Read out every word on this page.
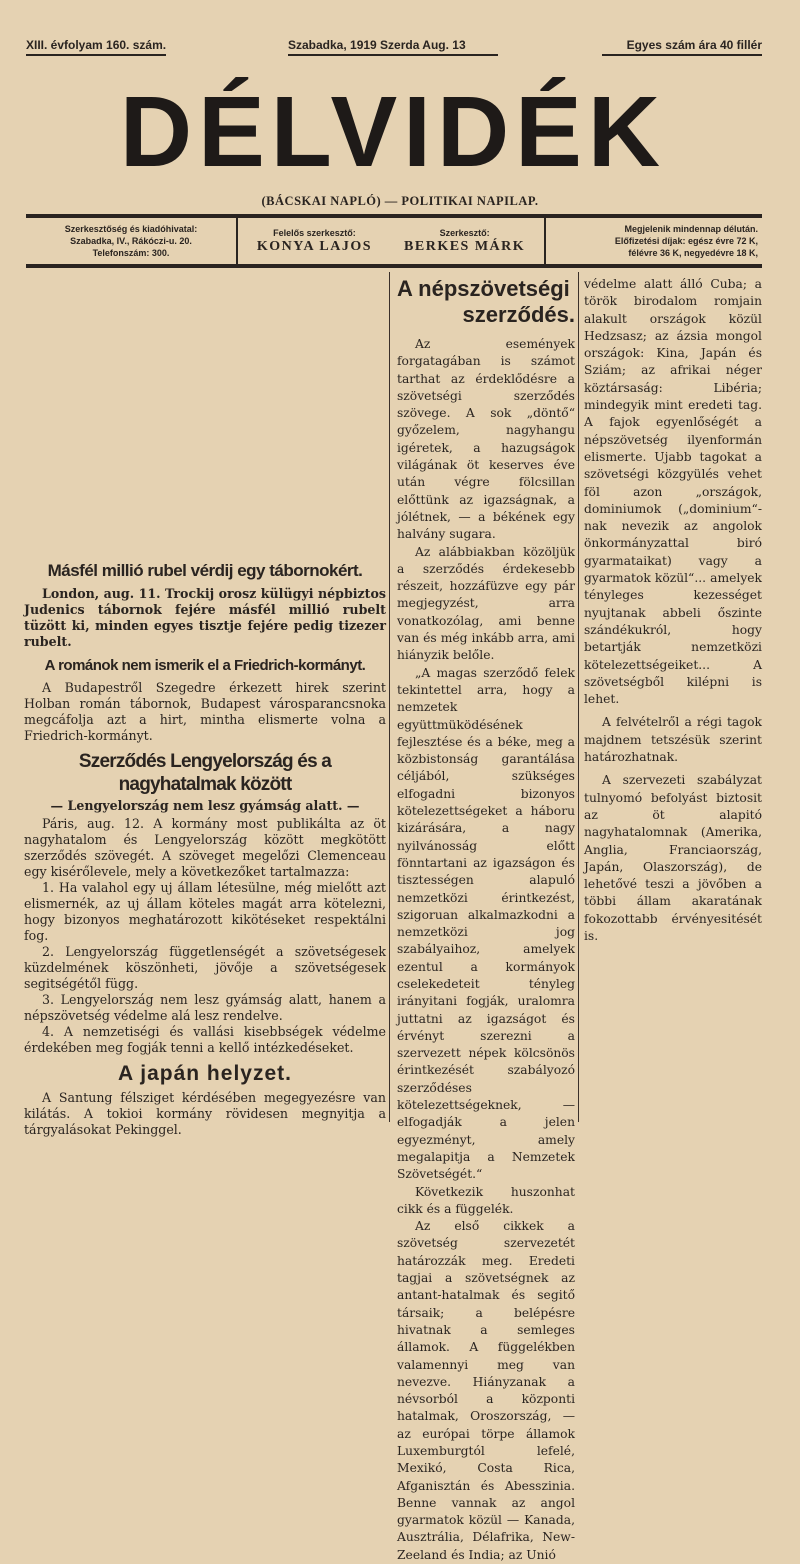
XIII. évfolyam 160. szám.	Szabadka, 1919 Szerda Aug. 13	Egyes szám ára 40 fillér
DÉLVIDÉK
(BÁCSKAI NAPLÓ) — POLITIKAI NAPILAP.
Szerkesztőség és kiadóhivatal:
Szabadka, IV., Rákóczi-u. 20.
Telefonszám: 300.
Felelős szerkesztő:
KONYA LAJOS
Szerkesztő:
BERKES MÁRK
Megjelenik mindennap délután.
Előfizetési díjak: egész évre 72 K,
félévre 36 K, negyedévre 18 K,
Másfél millió rubel vérdij egy tábornokért.

London, aug. 11. Trockij orosz külügyi népbiztos Judenics tábornok fejére másfél millió rubelt tüzött ki, minden egyes tisztje fejére pedig tizezer rubelt.

A románok nem ismerik el a Friedrich-kormányt.

A Budapestről Szegedre érkezett hirek szerint Holban román tábornok, Budapest városparancsnoka megcáfolja azt a hirt, mintha elismerte volna a Friedrich-kormányt.

Szerződés Lengyelország és a nagyhatalmak között
— Lengyelország nem lesz gyámság alatt. —

Páris, aug. 12. A kormány most publikálta az öt nagyhatalom és Lengyelország között megkötött szerződés szövegét. A szöveget megelőzi Clemenceau egy kisérőlevele, mely a következőket tartalmazza:

1. Ha valahol egy uj állam létesülne, még mielőtt azt elismernék, az uj állam köteles magát arra kötelezni, hogy bizonyos meghatározott kikötéseket respektálni fog.

2. Lengyelország függetlenségét a szövetségesek küzdelmének köszönheti, jövője a szövetségesek segitségétől függ.

3. Lengyelország nem lesz gyámság alatt, hanem a népszövetség védelme alá lesz rendelve.

4. A nemzetiségi és vallási kisebbségek védelme érdekében meg fogják tenni a kellő intézkedéseket.

A japán helyzet.

A Santung félsziget kérdésében megegyezésre van kilátás. A tokioi kormány rövidesen megnyitja a tárgyalásokat Pekinggel.

A népszövetségi
szerződés.

Az események forgatagában is számot tarthat az érdeklődésre a szövetségi szerződés szövege. A sok „döntő“ győzelem, nagyhangu igéretek, a hazugságok világának öt keserves éve után végre fölcsillan előttünk az igazságnak, a jólétnek, — a békének egy halvány sugara.

Az alábbiakban közöljük a szerződés érdekesebb részeit, hozzáfüzve egy pár megjegyzést, arra vonatkozólag, ami benne van és még inkább arra, ami hiányzik belőle.

„A magas szerződő felek tekintettel arra, hogy a nemzetek együttmüködésének fejlesztése és a béke, meg a közbistonság garantálása céljából, szükséges elfogadni bizonyos kötelezettségeket a háboru kizárására, a nagy nyilvánosság előtt fönntartani az igazságon és tisztességen alapuló nemzetközi érintkezést, szigoruan alkalmazkodni a nemzetközi jog szabályaihoz, amelyek ezentul a kormányok cselekedeteit tényleg irányitani fogják, uralomra juttatni az igazságot és érvényt szerezni a szervezett népek kölcsönös érintkezését szabályozó szerződéses kötelezettségeknek, — elfogadják a jelen egyezményt, amely megalapitja a Nemzetek Szövetségét.“

Következik huszonhat cikk és a függelék.

Az első cikkek a szövetség szervezetét határozzák meg. Eredeti tagjai a szövetségnek az antant-hatalmak és segitő társaik; a belépésre hivatnak a semleges államok. A függelékben valamennyi meg van nevezve. Hiányzanak a névsorból a központi hatalmak, Oroszország, — az európai törpe államok Luxemburgtól lefelé, Mexikó, Costa Rica, Afganisztán és Abesszinia. Benne vannak az angol gyarmatok közül — Kanada, Ausztrália, Délafrika, New-Zeeland és India; az Unió

védelme alatt álló Cuba; a török birodalom romjain alakult országok közül Hedzsasz; az ázsia mongol országok: Kina, Japán és Sziám; az afrikai néger köztársaság: Libéria; mindegyik mint eredeti tag. A fajok egyenlőségét a népszövetség ilyenformán elismerte. Ujabb tagokat a szövetségi közgyülés vehet föl azon „országok, dominiumok („dominium“-nak nevezik az angolok önkormányzattal biró gyarmataikat) vagy a gyarmatok közül“... amelyek tényleges kezességet nyujtanak abbeli őszinte szándékukról, hogy betartják nemzetközi kötelezettségeiket... A szövetségből kilépni is lehet.

A felvételről a régi tagok majdnem tetszésük szerint határozhatnak.

A szervezeti szabályzat tulnyomó befolyást biztosit az öt alapitó nagyhatalomnak (Amerika, Anglia, Franciaország, Japán, Olaszország), de lehetővé teszi a jövőben a többi állam akaratának fokozottabb érvényesitését is.
